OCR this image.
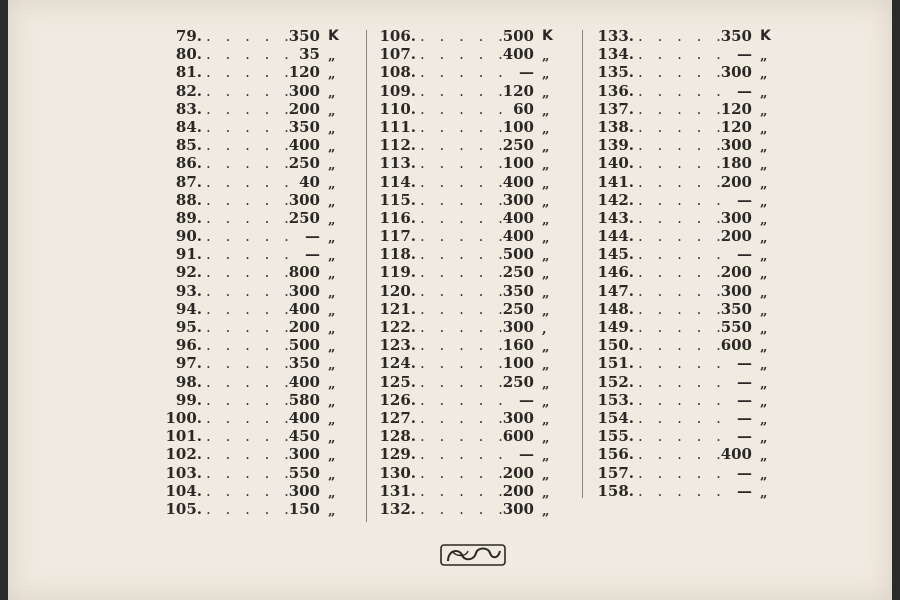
79. . . . . .
350 K
80. . . . . . 35 „
81. . . . . .
120 „
82. . . . . .
300 „
83. . . . . .
200 „
84. . . . . .
350 „
85. . . . . .
400 „
86. . . . . .
250 „
87. . . . . . 40 „
88. . . . . .
300 „
89. . . . . .
250 „
90. . . . . . — „
91. . . . . . — „
92. . . . . .
800 „
93. . . . . .
300 „
94. . . . . .
400 „
95. . . . . .
200 „
96. . . . . .
500 „
97. . . . . .
350 „
98. . . . . .
400 „
99. . . . . .
580 „
100. . . . . .
400 „
101. . . . . .
450 „
102. . . . . .
300 „
103. . . . . .
550 „
104. . . . . .
300 „
105. . . . . .
150 „
106. . . . . .
500 K
107. . . . . .
400 „
108. . . . . . — „
109. . . . . .
120 „
110. . . . . . 60 „
111. . . . . .
100 „
112. . . . . .
250 „
113. . . . . .
100 „
114. . . . . .
400 „
115. . . . . .
300 „
116. . . . . .
400 „
117. . . . . .
400 „
118. . . . . .
500 „
119. . . . . .
250 „
120. . . . . .
350 „
121. . . . . .
250 „
122. . . . . .
300 ,
123. . . . . .
160 „
124. . . . . .
100 „
125. . . . . .
250 „
126. . . . . . — „
127. . . . . .
300 „
128. . . . . .
600 „
129. . . . . . — „
130. . . . . .
200 „
131. . . . . .
200 „
132. . . . . .
300 „
133. . . . . .
350 K
134. . . . . . — „
135. . . . . .
300 „
136. . . . . . — „
137. . . . . .
120 „
138. . . . . .
120 „
139. . . . . .
300 „
140. . . . . .
180 „
141. . . . . .
200 „
142. . . . . . — „
143. . . . . .
300 „
144. . . . . .
200 „
145. . . . . . — „
146. . . . . .
200 „
147. . . . . .
300 „
148. . . . . .
350 „
149. . . . . .
550 „
150. . . . . .
600 „
151. . . . . . — „
152. . . . . . — „
153. . . . . . — „
154. . . . . . — „
155. . . . . . — „
156. . . . . .
400 „
157. . . . . . — „
158. . . . . . — „
